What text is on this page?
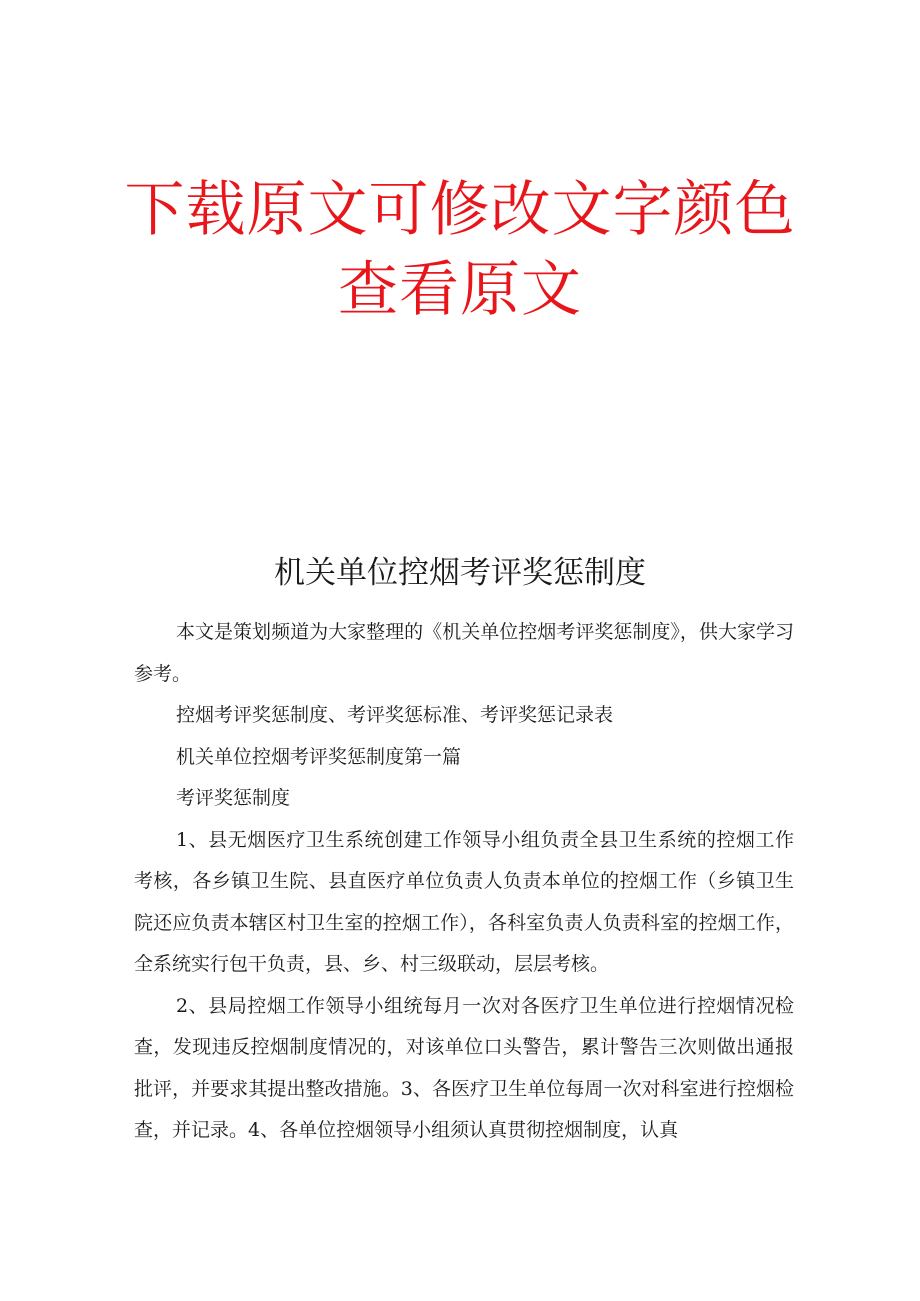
下载原文可修改文字颜色
查看原文
机关单位控烟考评奖惩制度

本文是策划频道为大家整理的《机关单位控烟考评奖惩制度》，供大家学习参考。

控烟考评奖惩制度、考评奖惩标准、考评奖惩记录表

机关单位控烟考评奖惩制度第一篇

考评奖惩制度

1、县无烟医疗卫生系统创建工作领导小组负责全县卫生系统的控烟工作考核，各乡镇卫生院、县直医疗单位负责人负责本单位的控烟工作（乡镇卫生院还应负责本辖区村卫生室的控烟工作），各科室负责人负责科室的控烟工作，全系统实行包干负责，县、乡、村三级联动，层层考核。

2、县局控烟工作领导小组统每月一次对各医疗卫生单位进行控烟情况检查，发现违反控烟制度情况的，对该单位口头警告，累计警告三次则做出通报批评，并要求其提出整改措施。3、各医疗卫生单位每周一次对科室进行控烟检查，并记录。4、各单位控烟领导小组须认真贯彻控烟制度，认真
